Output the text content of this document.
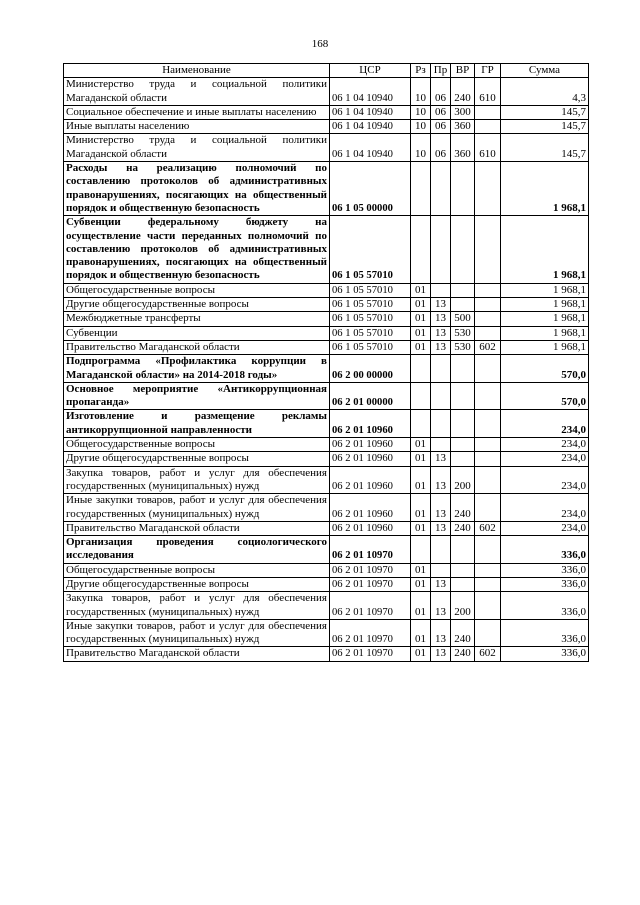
168
Наименование	ЦСР	Рз	Пр	ВР	ГР	Сумма
Министерство труда и социальной политики Магаданской области	06 1 04 10940	10	06	240	610	4,3
Социальное обеспечение и иные выплаты населению	06 1 04 10940	10	06	300		145,7
Иные выплаты населению	06 1 04 10940	10	06	360		145,7
Министерство труда и социальной политики Магаданской области	06 1 04 10940	10	06	360	610	145,7
Расходы на реализацию полномочий по составлению протоколов об административных правонарушениях, посягающих на общественный порядок и общественную безопасность	06 1 05 00000					1 968,1
Субвенции федеральному бюджету на осуществление части переданных полномочий по составлению протоколов об административных правонарушениях, посягающих на общественный порядок и общественную безопасность	06 1 05 57010					1 968,1
Общегосударственные вопросы	06 1 05 57010	01				1 968,1
Другие общегосударственные вопросы	06 1 05 57010	01	13			1 968,1
Межбюджетные трансферты	06 1 05 57010	01	13	500		1 968,1
Субвенции	06 1 05 57010	01	13	530		1 968,1
Правительство Магаданской области	06 1 05 57010	01	13	530	602	1 968,1
Подпрограмма «Профилактика коррупции в Магаданской области» на 2014-2018 годы»	06 2 00 00000					570,0
Основное мероприятие «Антикоррупционная пропаганда»	06 2 01 00000					570,0
Изготовление и размещение рекламы антикоррупционной направленности	06 2 01 10960					234,0
Общегосударственные вопросы	06 2 01 10960	01				234,0
Другие общегосударственные вопросы	06 2 01 10960	01	13			234,0
Закупка товаров, работ и услуг для обеспечения государственных (муниципальных) нужд	06 2 01 10960	01	13	200		234,0
Иные закупки товаров, работ и услуг для обеспечения государственных (муниципальных) нужд	06 2 01 10960	01	13	240		234,0
Правительство Магаданской области	06 2 01 10960	01	13	240	602	234,0
Организация проведения социологического исследования	06 2 01 10970					336,0
Общегосударственные вопросы	06 2 01 10970	01				336,0
Другие общегосударственные вопросы	06 2 01 10970	01	13			336,0
Закупка товаров, работ и услуг для обеспечения государственных (муниципальных) нужд	06 2 01 10970	01	13	200		336,0
Иные закупки товаров, работ и услуг для обеспечения государственных (муниципальных) нужд	06 2 01 10970	01	13	240		336,0
Правительство Магаданской области	06 2 01 10970	01	13	240	602	336,0
